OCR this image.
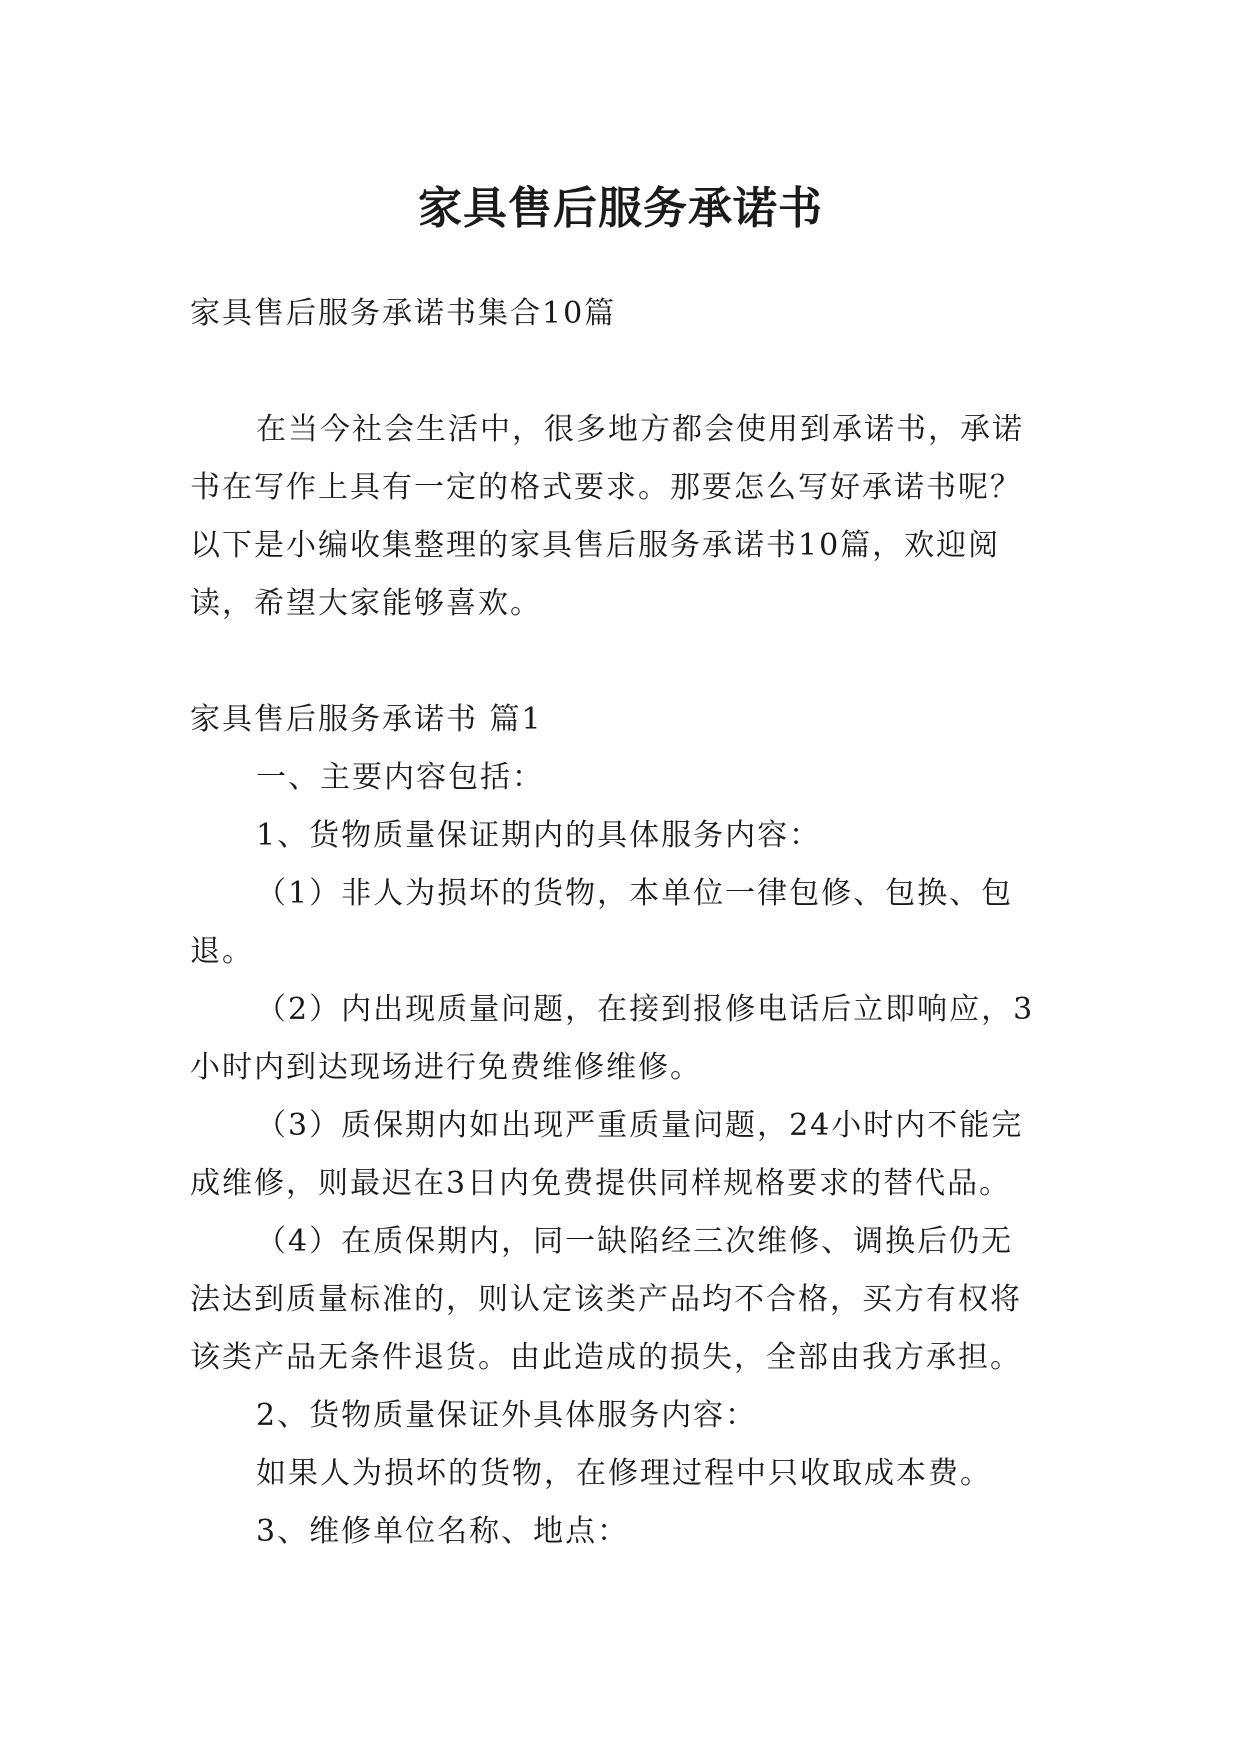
家具售后服务承诺书

家具售后服务承诺书集合10篇

在当今社会生活中，很多地方都会使用到承诺书，承诺

书在写作上具有一定的格式要求。那要怎么写好承诺书呢？

以下是小编收集整理的家具售后服务承诺书10篇，欢迎阅

读，希望大家能够喜欢。

家具售后服务承诺书 篇1

一、主要内容包括：

1、货物质量保证期内的具体服务内容：

（1）非人为损坏的货物，本单位一律包修、包换、包

退。

（2）内出现质量问题，在接到报修电话后立即响应，3

小时内到达现场进行免费维修维修。

（3）质保期内如出现严重质量问题，24小时内不能完

成维修，则最迟在3日内免费提供同样规格要求的替代品。

（4）在质保期内，同一缺陷经三次维修、调换后仍无

法达到质量标准的，则认定该类产品均不合格，买方有权将

该类产品无条件退货。由此造成的损失，全部由我方承担。

2、货物质量保证外具体服务内容：

如果人为损坏的货物，在修理过程中只收取成本费。

3、维修单位名称、地点：
